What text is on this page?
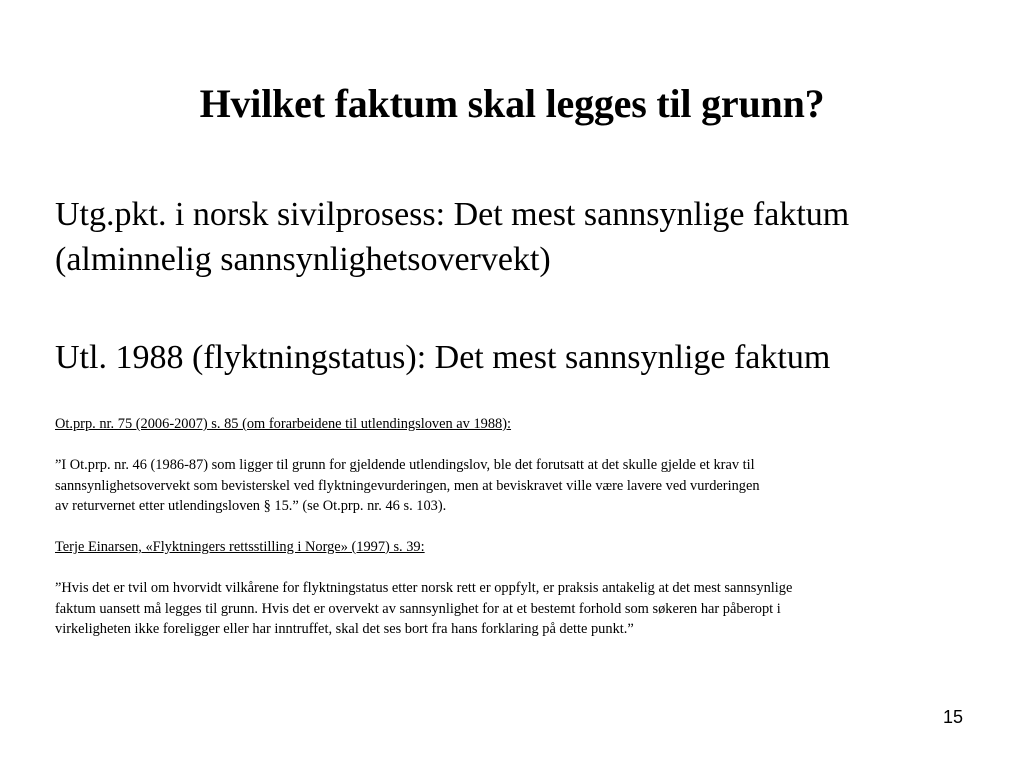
Hvilket faktum skal legges til grunn?
Utg.pkt. i norsk sivilprosess: Det mest sannsynlige faktum
(alminnelig sannsynlighetsovervekt)
Utl. 1988 (flyktningstatus): Det mest sannsynlige faktum
Ot.prp. nr. 75 (2006-2007) s. 85 (om forarbeidene til utlendingsloven av 1988):
”I Ot.prp. nr. 46 (1986-87) som ligger til grunn for gjeldende utlendingslov, ble det forutsatt at det skulle gjelde et krav til
sannsynlighetsovervekt som bevisterskel ved flyktningevurderingen, men at beviskravet ville være lavere ved vurderingen
av returvernet etter utlendingsloven § 15.” (se Ot.prp. nr. 46 s. 103).
Terje Einarsen, «Flyktningers rettsstilling i Norge» (1997) s. 39:
”Hvis det er tvil om hvorvidt vilkårene for flyktningstatus etter norsk rett er oppfylt, er praksis antakelig at det mest sannsynlige
faktum uansett må legges til grunn. Hvis det er overvekt av sannsynlighet for at et bestemt forhold som søkeren har påberopt i
virkeligheten ikke foreligger eller har inntruffet, skal det ses bort fra hans forklaring på dette punkt.”
15
